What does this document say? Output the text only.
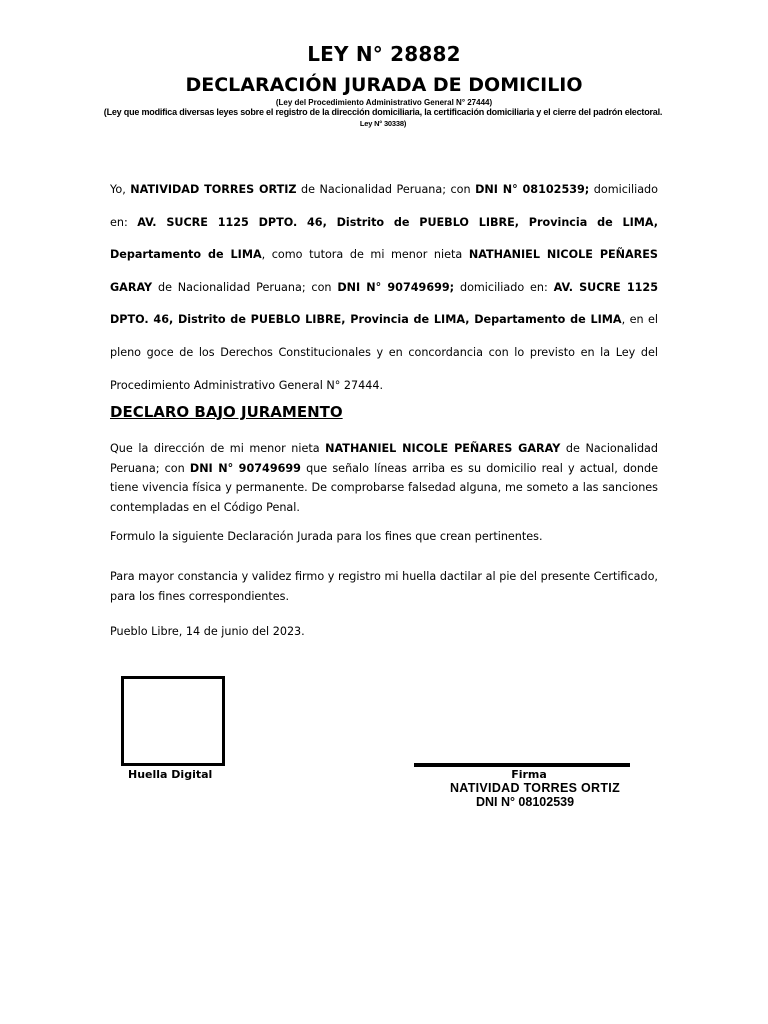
LEY N° 28882
DECLARACIÓN JURADA DE DOMICILIO
(Ley del Procedimiento Administrativo General N° 27444)
(Ley que modifica diversas leyes sobre el registro de la dirección domiciliaria, la certificación domiciliaria y el cierre del padrón electoral. Ley N° 30338)
Yo, NATIVIDAD TORRES ORTIZ de Nacionalidad Peruana; con DNI N° 08102539; domiciliado en: AV. SUCRE 1125 DPTO. 46, Distrito de PUEBLO LIBRE, Provincia de LIMA, Departamento de LIMA, como tutora de mi menor nieta NATHANIEL NICOLE PEÑARES GARAY de Nacionalidad Peruana; con DNI N° 90749699; domiciliado en: AV. SUCRE 1125 DPTO. 46, Distrito de PUEBLO LIBRE, Provincia de LIMA, Departamento de LIMA, en el pleno goce de los Derechos Constitucionales y en concordancia con lo previsto en la Ley del Procedimiento Administrativo General N° 27444.
DECLARO BAJO JURAMENTO
Que la dirección de mi menor nieta NATHANIEL NICOLE PEÑARES GARAY de Nacionalidad Peruana; con DNI N° 90749699 que señalo líneas arriba es su domicilio real y actual, donde tiene vivencia física y permanente. De comprobarse falsedad alguna, me someto a las sanciones contempladas en el Código Penal.
Formulo la siguiente Declaración Jurada para los fines que crean pertinentes.
Para mayor constancia y validez firmo y registro mi huella dactilar al pie del presente Certificado, para los fines correspondientes.
Pueblo Libre, 14 de junio del 2023.
Huella Digital	Firma
NATIVIDAD TORRES ORTIZ
DNI N° 08102539
